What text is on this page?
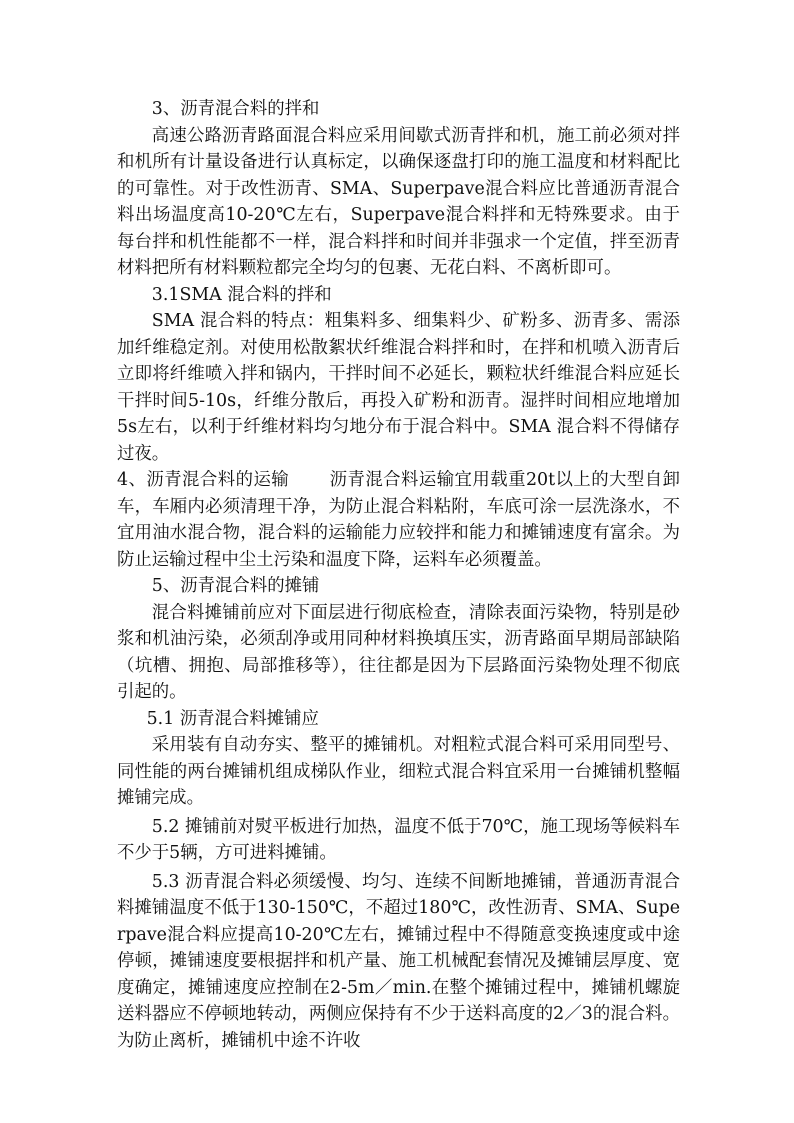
3、沥青混合料的拌和

高速公路沥青路面混合料应采用间歇式沥青拌和机，施工前必须对拌和机所有计量设备进行认真标定，以确保逐盘打印的施工温度和材料配比的可靠性。对于改性沥青、SMA、Superpave混合料应比普通沥青混合料出场温度高10-20℃左右，Superpave混合料拌和无特殊要求。由于每台拌和机性能都不一样，混合料拌和时间并非强求一个定值，拌至沥青材料把所有材料颗粒都完全均匀的包裹、无花白料、不离析即可。

3.1SMA 混合料的拌和

SMA 混合料的特点：粗集料多、细集料少、矿粉多、沥青多、需添加纤维稳定剂。对使用松散絮状纤维混合料拌和时，在拌和机喷入沥青后立即将纤维喷入拌和锅内，干拌时间不必延长，颗粒状纤维混合料应延长干拌时间5-10s，纤维分散后，再投入矿粉和沥青。湿拌时间相应地增加5s左右，以利于纤维材料均匀地分布于混合料中。SMA 混合料不得储存过夜。

4、沥青混合料的运输 沥青混合料运输宜用载重20t以上的大型自卸车，车厢内必须清理干净，为防止混合料粘附，车底可涂一层洗涤水，不宜用油水混合物，混合料的运输能力应较拌和能力和摊铺速度有富余。为防止运输过程中尘土污染和温度下降，运料车必须覆盖。

5、沥青混合料的摊铺

混合料摊铺前应对下面层进行彻底检查，清除表面污染物，特别是砂浆和机油污染，必须刮净或用同种材料换填压实，沥青路面早期局部缺陷（坑槽、拥抱、局部推移等），往往都是因为下层路面污染物处理不彻底引起的。

5.1 沥青混合料摊铺应

采用装有自动夯实、整平的摊铺机。对粗粒式混合料可采用同型号、同性能的两台摊铺机组成梯队作业，细粒式混合料宜采用一台摊铺机整幅摊铺完成。

5.2 摊铺前对熨平板进行加热，温度不低于70℃，施工现场等候料车不少于5辆，方可进料摊铺。

5.3 沥青混合料必须缓慢、均匀、连续不间断地摊铺，普通沥青混合料摊铺温度不低于130-150℃，不超过180℃，改性沥青、SMA、Superpave混合料应提高10-20℃左右，摊铺过程中不得随意变换速度或中途停顿，摊铺速度要根据拌和机产量、施工机械配套情况及摊铺层厚度、宽度确定，摊铺速度应控制在2-5m／min.在整个摊铺过程中，摊铺机螺旋送料器应不停顿地转动，两侧应保持有不少于送料高度的2／3的混合料。为防止离析，摊铺机中途不许收
